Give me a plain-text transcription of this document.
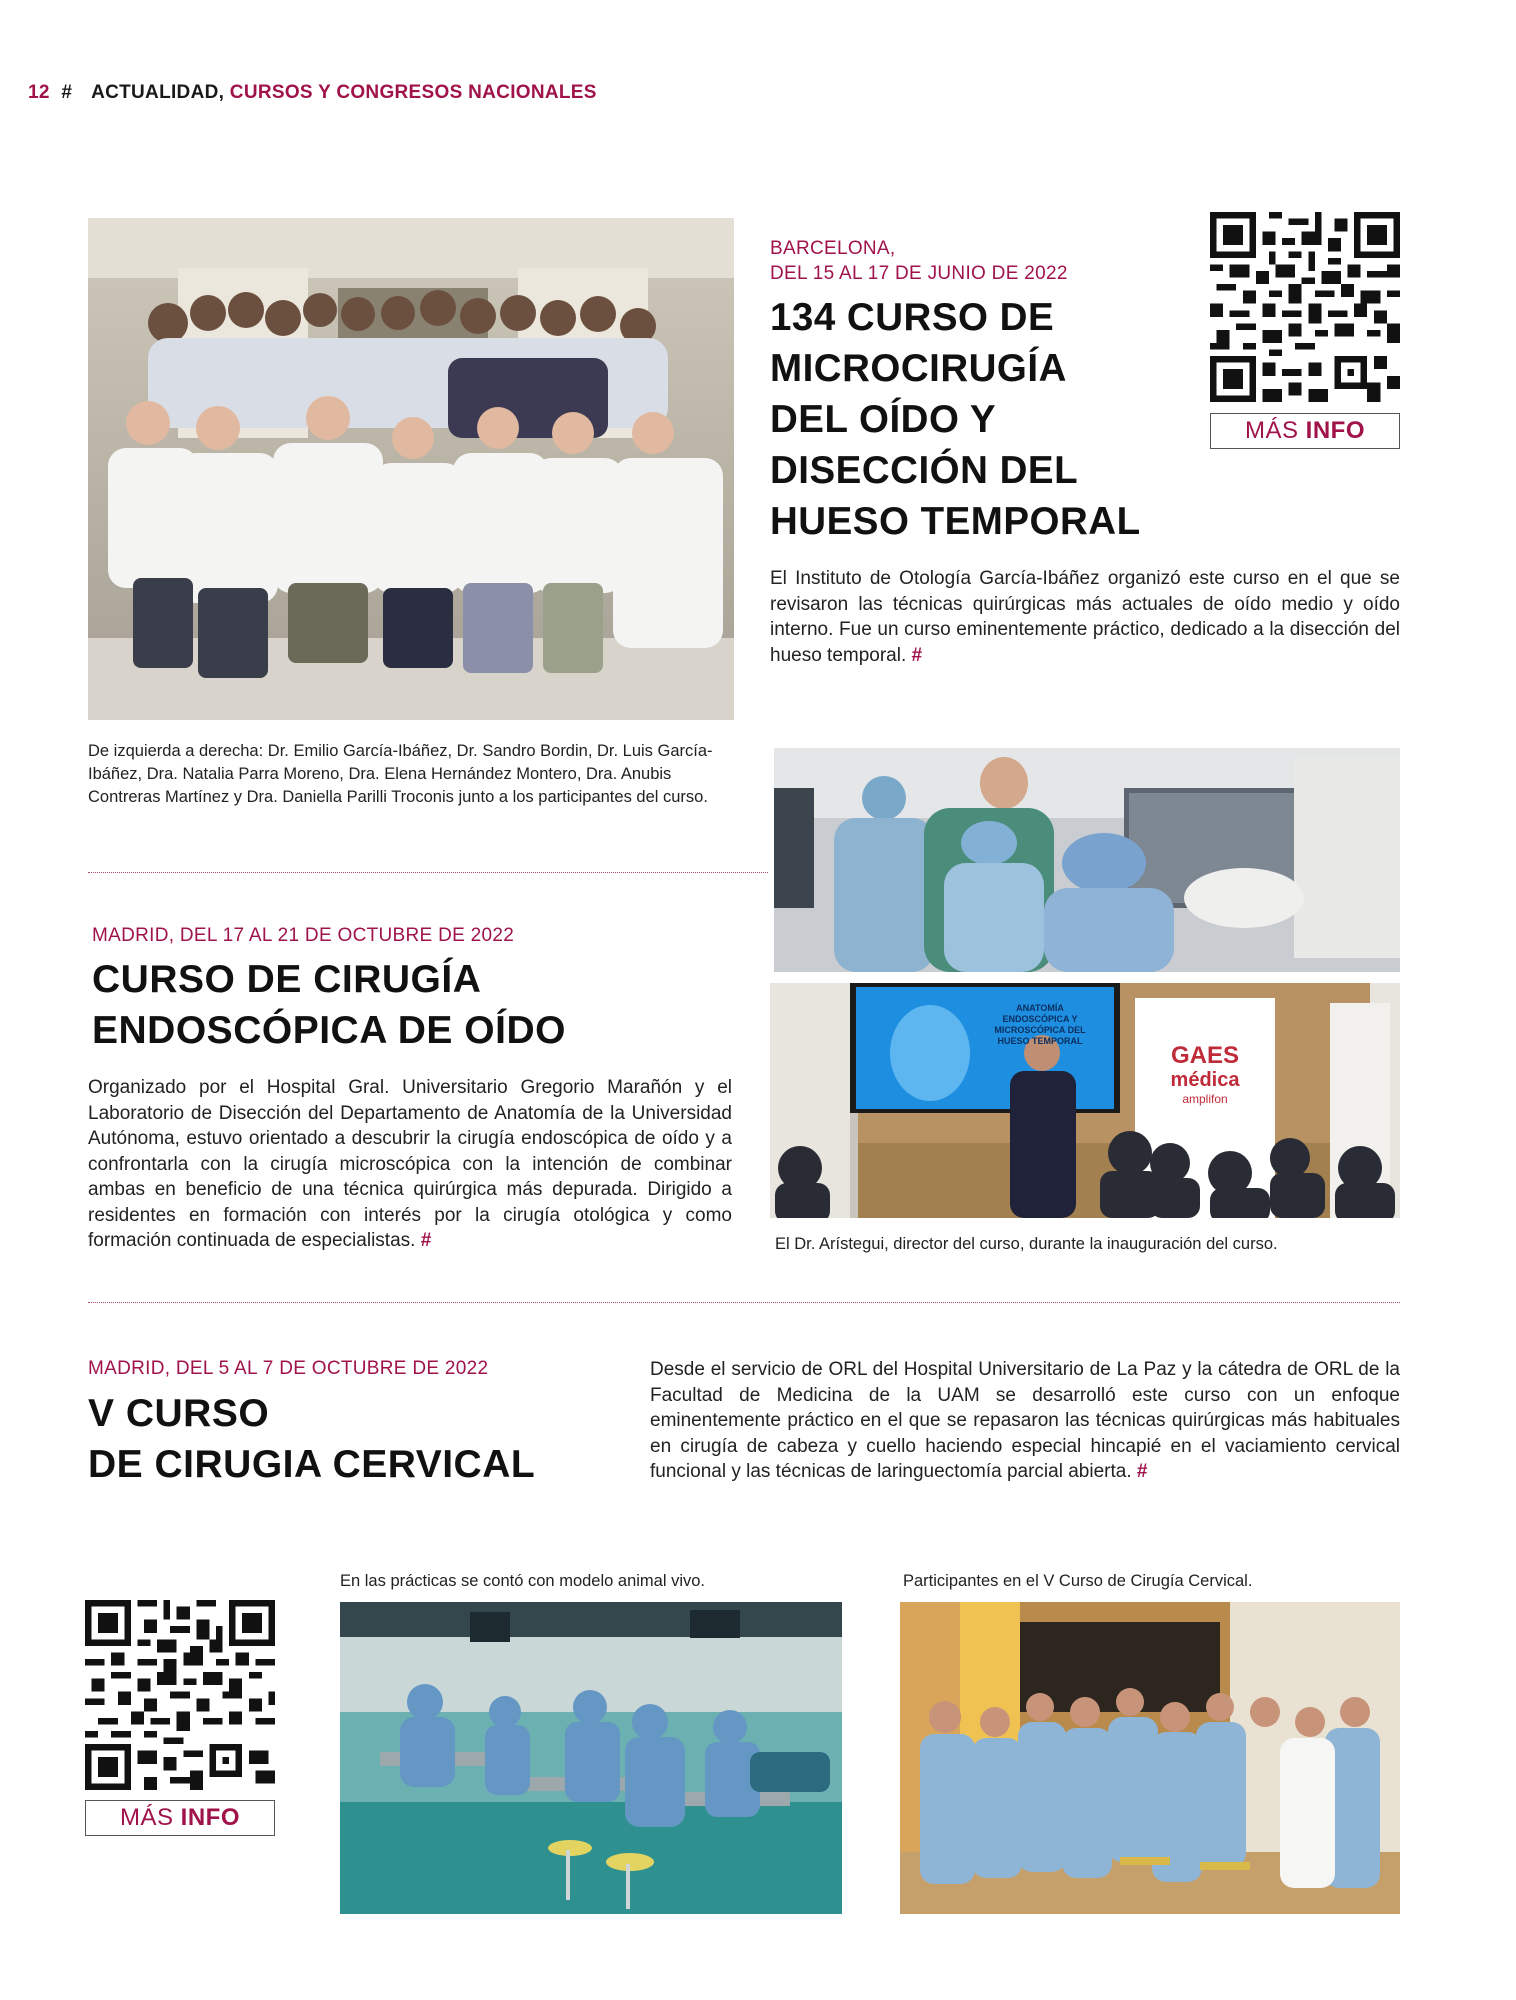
12 # ACTUALIDAD, CURSOS Y CONGRESOS NACIONALES
BARCELONA,
DEL 15 AL 17 DE JUNIO DE 2022
134 CURSO DE
MICROCIRUGÍA
DEL OÍDO Y
DISECCIÓN DEL
HUESO TEMPORAL
MÁS INFO
El Instituto de Otología García-Ibáñez organizó este curso en el que se revisaron las técnicas quirúrgicas más actuales de oído medio y oído interno. Fue un curso eminentemente práctico, dedicado a la disección del hueso temporal. #
De izquierda a derecha: Dr. Emilio García-Ibáñez, Dr. Sandro Bordin, Dr. Luis García-Ibáñez, Dra. Natalia Parra Moreno, Dra. Elena Hernández Montero, Dra. Anubis Contreras Martínez y Dra. Daniella Parilli Troconis junto a los participantes del curso.
MADRID, DEL 17 AL 21 DE OCTUBRE DE 2022
CURSO DE CIRUGÍA
ENDOSCÓPICA DE OÍDO
Organizado por el Hospital Gral. Universitario Gregorio Marañón y el Laboratorio de Disección del Departamento de Anatomía de la Universidad Autónoma, estuvo orientado a descubrir la cirugía endoscópica de oído y a confrontarla con la cirugía microscópica con la intención de combinar ambas en beneficio de una técnica quirúrgica más depurada. Dirigido a residentes en formación con interés por la cirugía otológica y como formación continuada de especialistas. #
ANATOMÍA
ENDOSCÓPICA Y
MICROSCÓPICA DEL
HUESO TEMPORAL
GAES
médica
amplifon
El Dr. Arístegui, director del curso, durante la inauguración del curso.
MADRID, DEL 5 AL 7 DE OCTUBRE DE 2022
V CURSO
DE CIRUGIA CERVICAL
Desde el servicio de ORL del Hospital Universitario de La Paz y la cátedra de ORL de la Facultad de Medicina de la UAM se desarrolló este curso con un enfoque eminentemente práctico en el que se repasaron las técnicas quirúrgicas más habituales en cirugía de cabeza y cuello haciendo especial hincapié en el vaciamiento cervical funcional y las técnicas de laringuectomía parcial abierta. #
En las prácticas se contó con modelo animal vivo.	Participantes en el V Curso de Cirugía Cervical.
MÁS INFO
